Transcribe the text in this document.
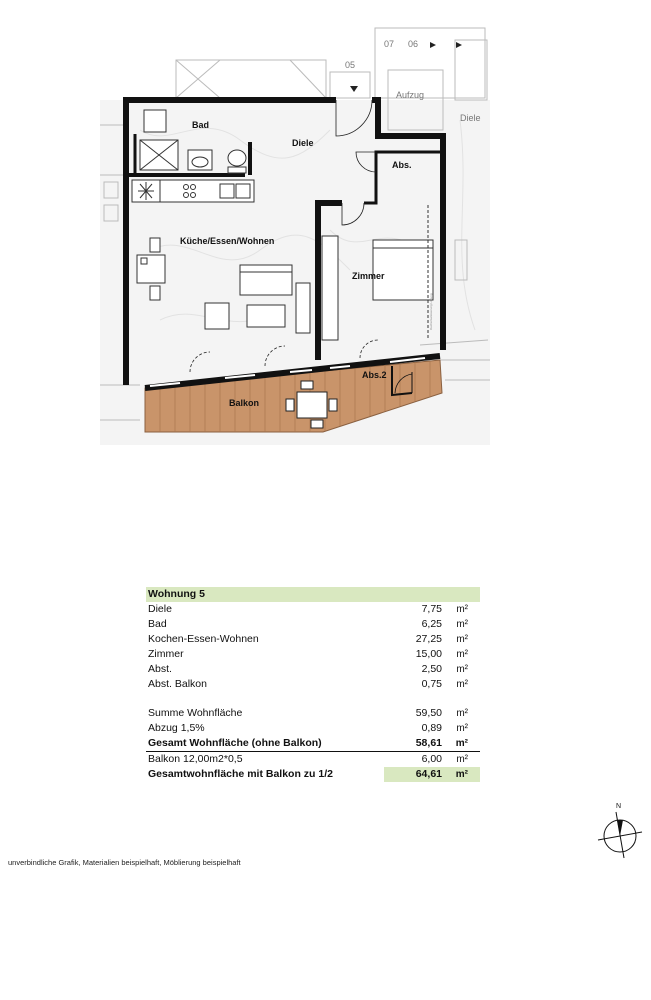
Bad
Diele
Abs.
Küche/Essen/Wohnen
Zimmer
Abs.2
Balkon
Aufzug
Diele
07 06
05
Dachentwässerung Lüftung
Wohnung 5
Diele	7,75 m²
Bad	6,25 m²
Kochen-Essen-Wohnen	27,25 m²
Zimmer	15,00 m²
Abst.	2,50 m²
Abst. Balkon	0,75 m²
Summe Wohnfläche	59,50 m²
Abzug 1,5%	0,89 m²
Gesamt Wohnfläche (ohne Balkon)	58,61 m²
Balkon 12,00m2*0,5	6,00 m²
Gesamtwohnfläche mit Balkon zu 1/2	64,61 m²
N
unverbindliche Grafik, Materialien beispielhaft, Möblierung beispielhaft
